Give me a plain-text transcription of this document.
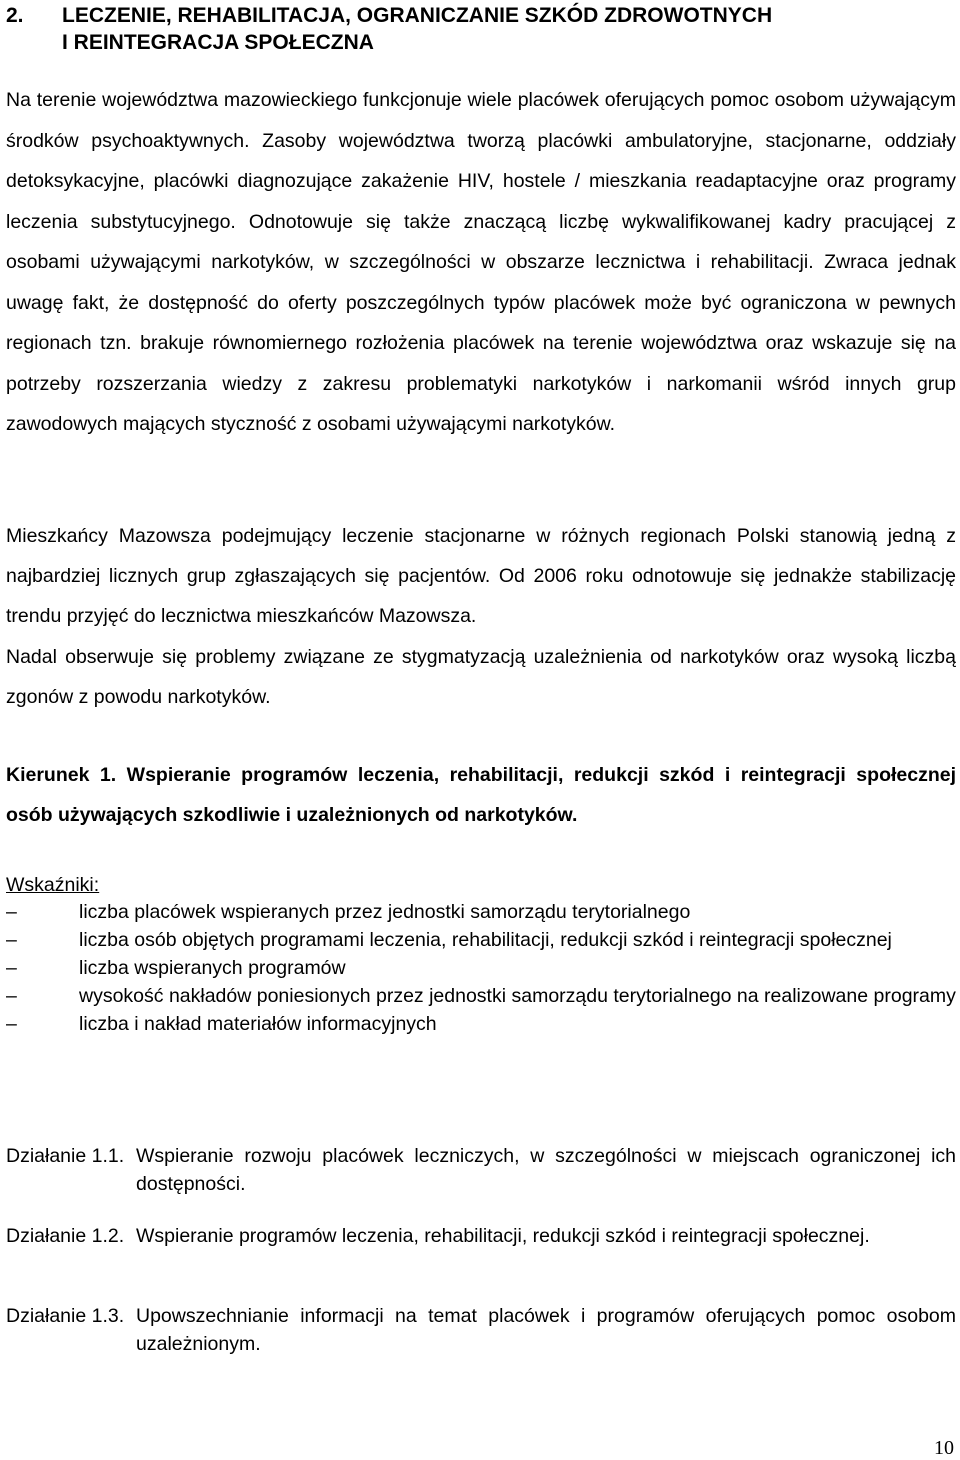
2.	LECZENIE, REHABILITACJA, OGRANICZANIE SZKÓD ZDROWOTNYCH
I REINTEGRACJA SPOŁECZNA

Na terenie województwa mazowieckiego funkcjonuje wiele placówek oferujących pomoc osobom używającym środków psychoaktywnych. Zasoby województwa tworzą placówki ambulatoryjne, stacjonarne, oddziały detoksykacyjne, placówki diagnozujące zakażenie HIV, hostele / mieszkania readaptacyjne oraz programy leczenia substytucyjnego. Odnotowuje się także znaczącą liczbę wykwalifikowanej kadry pracującej z osobami używającymi narkotyków, w szczególności w obszarze lecznictwa i rehabilitacji. Zwraca jednak uwagę fakt, że dostępność do oferty poszczególnych typów placówek może być ograniczona w pewnych regionach tzn. brakuje równomiernego rozłożenia placówek na terenie województwa oraz wskazuje się na potrzeby rozszerzania wiedzy z zakresu problematyki narkotyków i narkomanii wśród innych grup zawodowych mających styczność z osobami używającymi narkotyków.

Mieszkańcy Mazowsza podejmujący leczenie stacjonarne w różnych regionach Polski stanowią jedną z najbardziej licznych grup zgłaszających się pacjentów. Od 2006 roku odnotowuje się jednakże stabilizację trendu przyjęć do lecznictwa mieszkańców Mazowsza.

Nadal obserwuje się problemy związane ze stygmatyzacją uzależnienia od narkotyków oraz wysoką liczbą zgonów z powodu narkotyków.

Kierunek 1. Wspieranie programów leczenia, rehabilitacji, redukcji szkód i reintegracji społecznej osób używających szkodliwie i uzależnionych od narkotyków.

Wskaźniki:
–	liczba placówek wspieranych przez jednostki samorządu terytorialnego
–	liczba osób objętych programami leczenia, rehabilitacji, redukcji szkód i reintegracji społecznej
–	liczba wspieranych programów
–	wysokość nakładów poniesionych przez jednostki samorządu terytorialnego na realizowane programy
–	liczba i nakład materiałów informacyjnych
Działanie 1.1. Wspieranie rozwoju placówek leczniczych, w szczególności w miejscach ograniczonej ich dostępności.
Działanie 1.2. Wspieranie programów leczenia, rehabilitacji, redukcji szkód i reintegracji społecznej.
Działanie 1.3. Upowszechnianie informacji na temat placówek i programów oferujących pomoc osobom uzależnionym.
10
